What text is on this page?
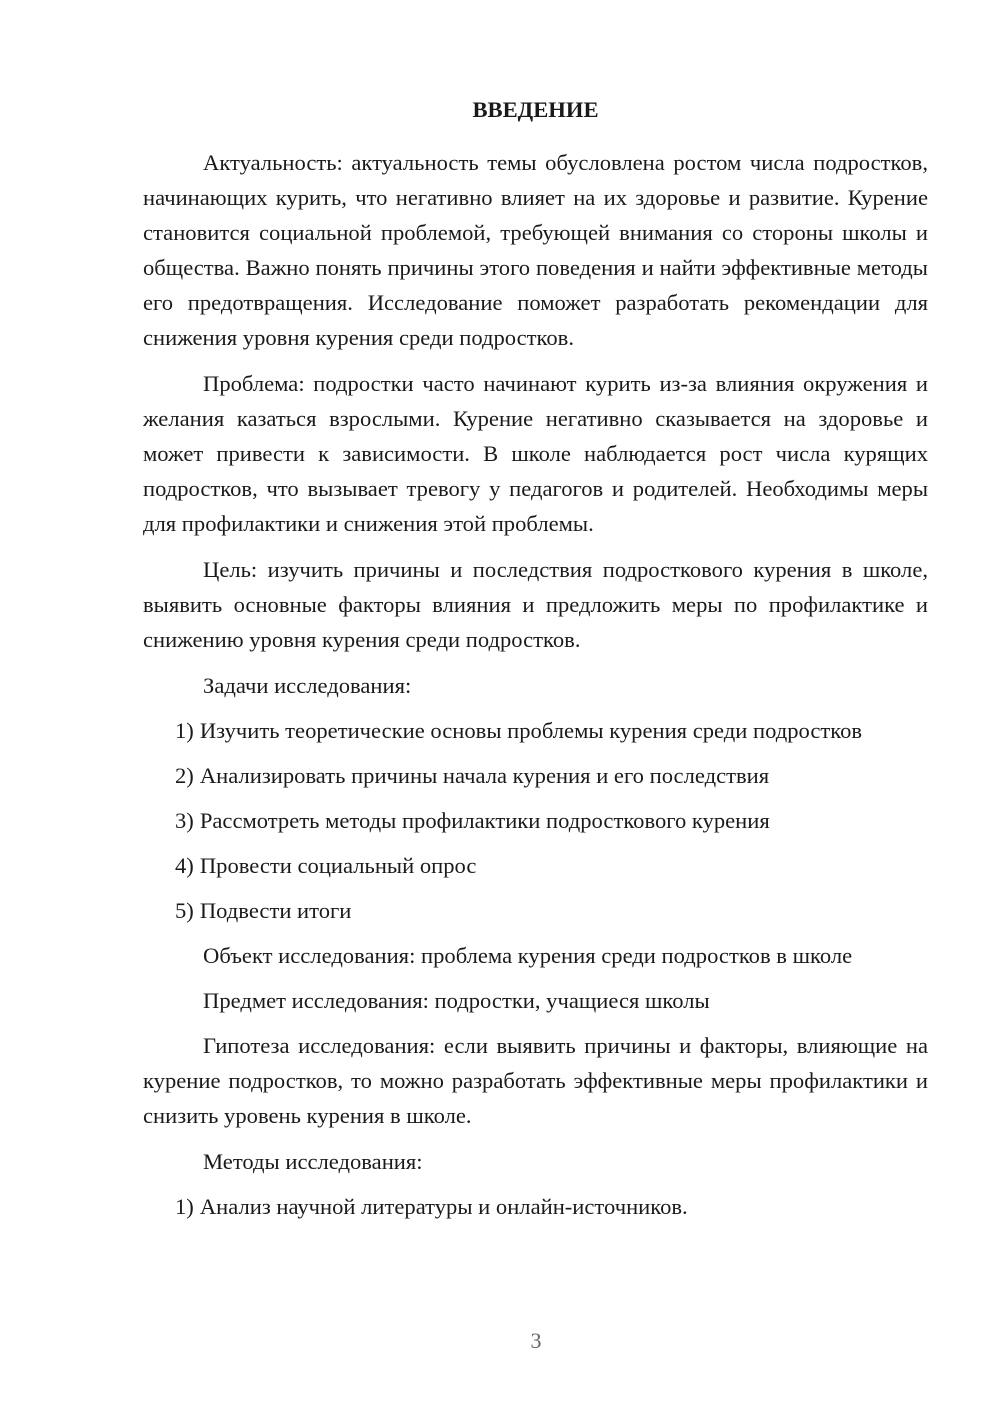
ВВЕДЕНИЕ

Актуальность: актуальность темы обусловлена ростом числа подростков, начинающих курить, что негативно влияет на их здоровье и развитие. Курение становится социальной проблемой, требующей внимания со стороны школы и общества. Важно понять причины этого поведения и найти эффективные методы его предотвращения. Исследование поможет разработать рекомендации для снижения уровня курения среди подростков.

Проблема: подростки часто начинают курить из-за влияния окружения и желания казаться взрослыми. Курение негативно сказывается на здоровье и может привести к зависимости. В школе наблюдается рост числа курящих подростков, что вызывает тревогу у педагогов и родителей. Необходимы меры для профилактики и снижения этой проблемы.

Цель: изучить причины и последствия подросткового курения в школе, выявить основные факторы влияния и предложить меры по профилактике и снижению уровня курения среди подростков.

Задачи исследования:

1) Изучить теоретические основы проблемы курения среди подростков
2) Анализировать причины начала курения и его последствия
3) Рассмотреть методы профилактики подросткового курения
4) Провести социальный опрос
5) Подвести итоги

Объект исследования: проблема курения среди подростков в школе

Предмет исследования: подростки, учащиеся школы

Гипотеза исследования: если выявить причины и факторы, влияющие на курение подростков, то можно разработать эффективные меры профилактики и снизить уровень курения в школе.

Методы исследования:

1) Анализ научной литературы и онлайн-источников.
3
